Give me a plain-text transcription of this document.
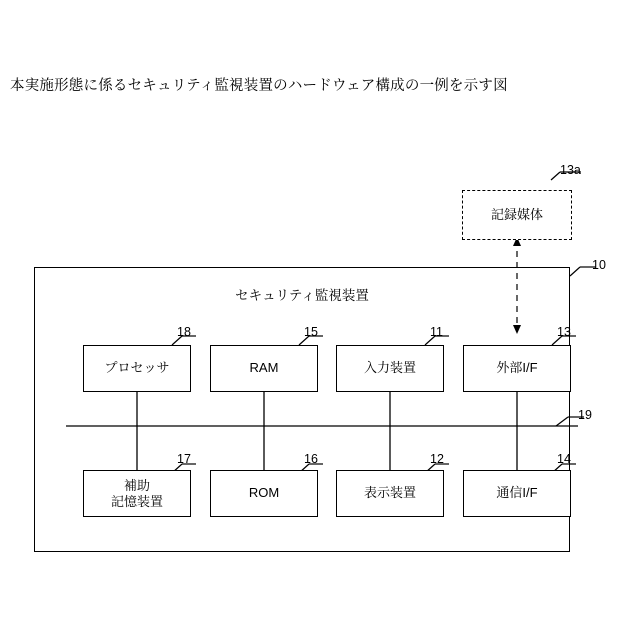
本実施形態に係るセキュリティ監視装置のハードウェア構成の一例を示す図
記録媒体
13a
セキュリティ監視装置
10
19
プロセッサ
18
RAM
15
入力装置
11
外部I/F
13
補助
記憶装置
17
ROM
16
表示装置
12
通信I/F
14
